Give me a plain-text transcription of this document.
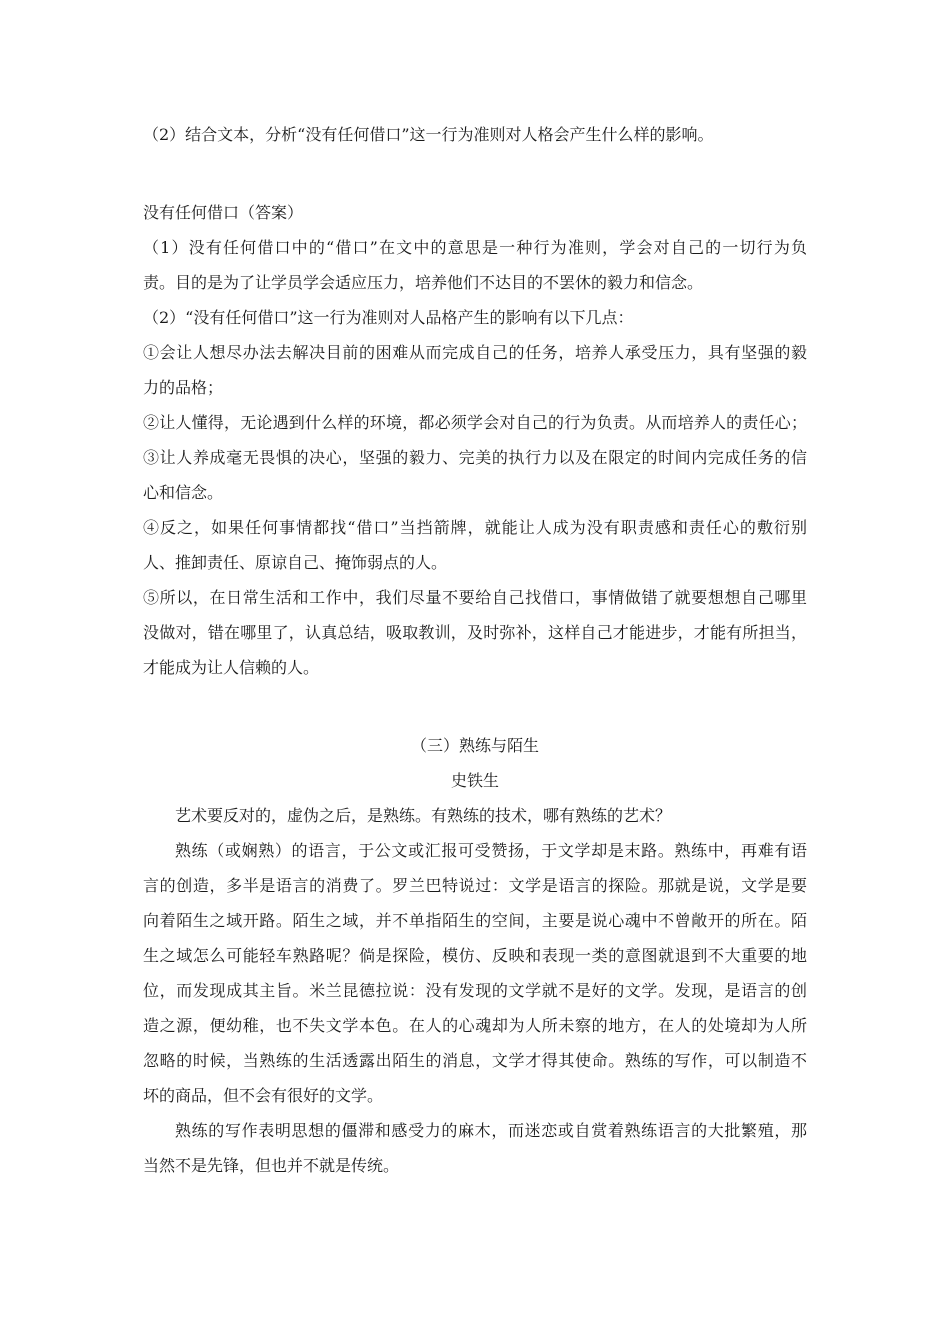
（2）结合文本，分析“没有任何借口”这一行为准则对人格会产生什么样的影响。

没有任何借口（答案）

（1）没有任何借口中的“借口”在文中的意思是一种行为准则，学会对自己的一切行为负

责。目的是为了让学员学会适应压力，培养他们不达目的不罢休的毅力和信念。

（2）“没有任何借口”这一行为准则对人品格产生的影响有以下几点：

①会让人想尽办法去解决目前的困难从而完成自己的任务，培养人承受压力，具有坚强的毅

力的品格；

②让人懂得，无论遇到什么样的环境，都必须学会对自己的行为负责。从而培养人的责任心；

③让人养成毫无畏惧的决心，坚强的毅力、完美的执行力以及在限定的时间内完成任务的信

心和信念。

④反之，如果任何事情都找“借口”当挡箭牌，就能让人成为没有职责感和责任心的敷衍别

人、推卸责任、原谅自己、掩饰弱点的人。

⑤所以，在日常生活和工作中，我们尽量不要给自己找借口，事情做错了就要想想自己哪里

没做对，错在哪里了，认真总结，吸取教训，及时弥补，这样自己才能进步，才能有所担当，

才能成为让人信赖的人。

（三）熟练与陌生

史铁生

艺术要反对的，虚伪之后，是熟练。有熟练的技术，哪有熟练的艺术？

熟练（或娴熟）的语言，于公文或汇报可受赞扬，于文学却是末路。熟练中，再难有语

言的创造，多半是语言的消费了。罗兰巴特说过：文学是语言的探险。那就是说，文学是要

向着陌生之域开路。陌生之域，并不单指陌生的空间，主要是说心魂中不曾敞开的所在。陌

生之域怎么可能轻车熟路呢？倘是探险，模仿、反映和表现一类的意图就退到不大重要的地

位，而发现成其主旨。米兰昆德拉说：没有发现的文学就不是好的文学。发现，是语言的创

造之源，便幼稚，也不失文学本色。在人的心魂却为人所未察的地方，在人的处境却为人所

忽略的时候，当熟练的生活透露出陌生的消息，文学才得其使命。熟练的写作，可以制造不

坏的商品，但不会有很好的文学。

熟练的写作表明思想的僵滞和感受力的麻木，而迷恋或自赏着熟练语言的大批繁殖，那

当然不是先锋，但也并不就是传统。
